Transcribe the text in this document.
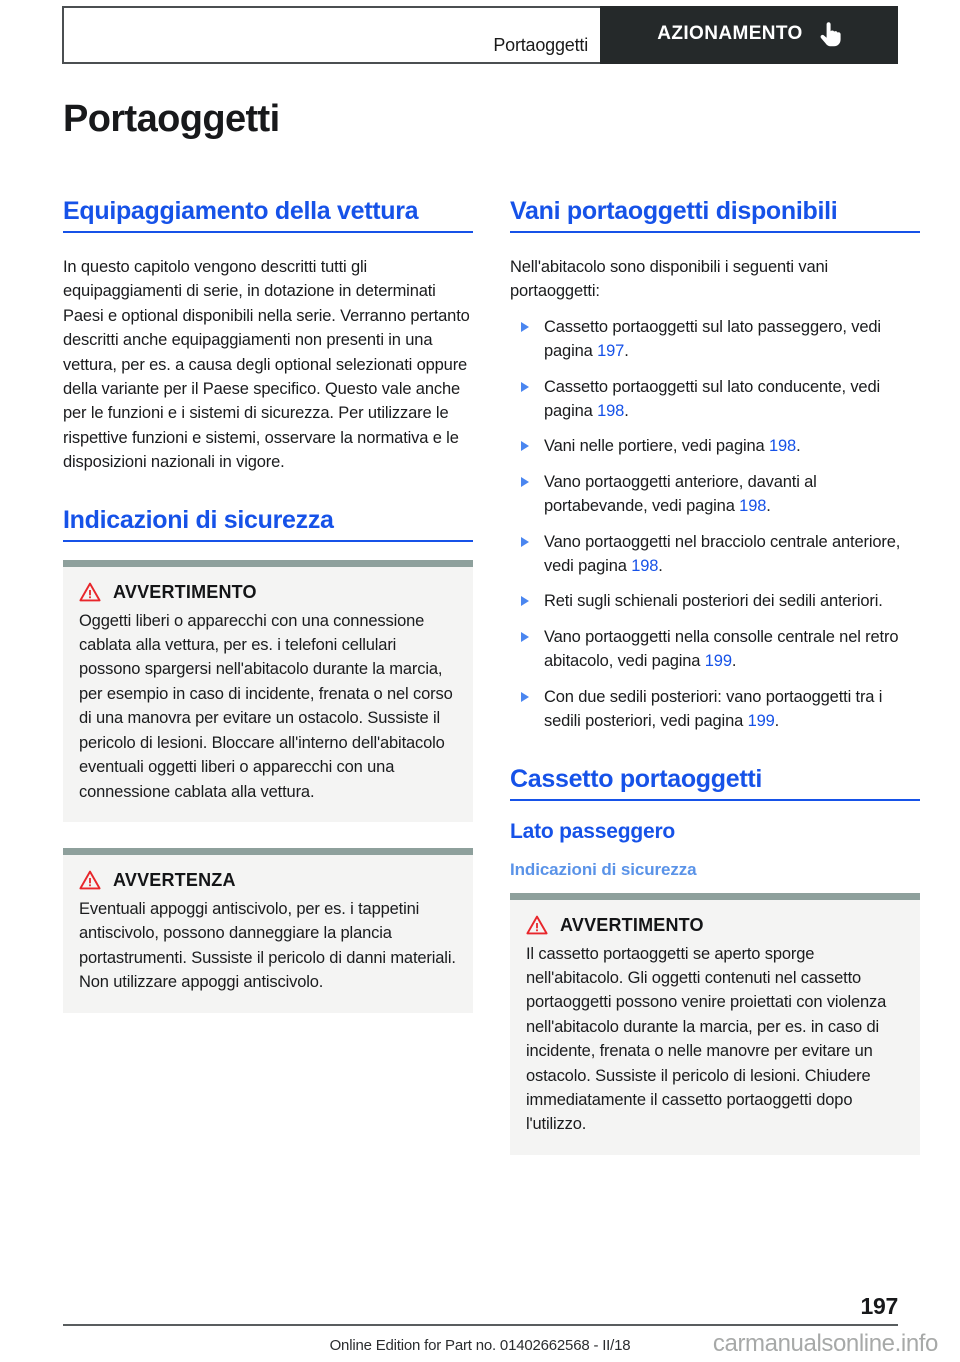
Portaoggetti
AZIONAMENTO
Portaoggetti
Equipaggiamento della vettura

In questo capitolo vengono descritti tutti gli equipaggiamenti di serie, in dotazione in determinati Paesi e optional disponibili nella serie. Verranno pertanto descritti anche equipaggiamenti non presenti in una vettura, per es. a causa degli optional selezionati oppure della variante per il Paese specifico. Questo vale anche per le funzioni e i sistemi di sicurezza. Per utilizzare le rispettive funzioni e sistemi, osservare la normativa e le disposizioni nazionali in vigore.

Indicazioni di sicurezza
AVVERTIMENTO

Oggetti liberi o apparecchi con una connessione cablata alla vettura, per es. i telefoni cellulari possono spargersi nell'abitacolo durante la marcia, per esempio in caso di incidente, frenata o nel corso di una manovra per evitare un ostacolo. Sussiste il pericolo di lesioni. Bloccare all'interno dell'abitacolo eventuali oggetti liberi o apparecchi con una connessione cablata alla vettura.

AVVERTENZA

Eventuali appoggi antiscivolo, per es. i tappetini antiscivolo, possono danneggiare la plancia portastrumenti. Sussiste il pericolo di danni materiali. Non utilizzare appoggi antiscivolo.

Vani portaoggetti disponibili

Nell'abitacolo sono disponibili i seguenti vani portaoggetti:

Cassetto portaoggetti sul lato passeggero, vedi pagina 197.
Cassetto portaoggetti sul lato conducente, vedi pagina 198.
Vani nelle portiere, vedi pagina 198.
Vano portaoggetti anteriore, davanti al portabevande, vedi pagina 198.
Vano portaoggetti nel bracciolo centrale anteriore, vedi pagina 198.
Reti sugli schienali posteriori dei sedili anteriori.
Vano portaoggetti nella consolle centrale nel retro abitacolo, vedi pagina 199.
Con due sedili posteriori: vano portaoggetti tra i sedili posteriori, vedi pagina 199.
Cassetto portaoggetti
Lato passeggero
Indicazioni di sicurezza
AVVERTIMENTO

Il cassetto portaoggetti se aperto sporge nell'abitacolo. Gli oggetti contenuti nel cassetto portaoggetti possono venire proiettati con violenza nell'abitacolo durante la marcia, per es. in caso di incidente, frenata o nelle manovre per evitare un ostacolo. Sussiste il pericolo di lesioni. Chiudere immediatamente il cassetto portaoggetti dopo l'utilizzo.

197
Online Edition for Part no. 01402662568 - II/18	carmanualsonline.info
